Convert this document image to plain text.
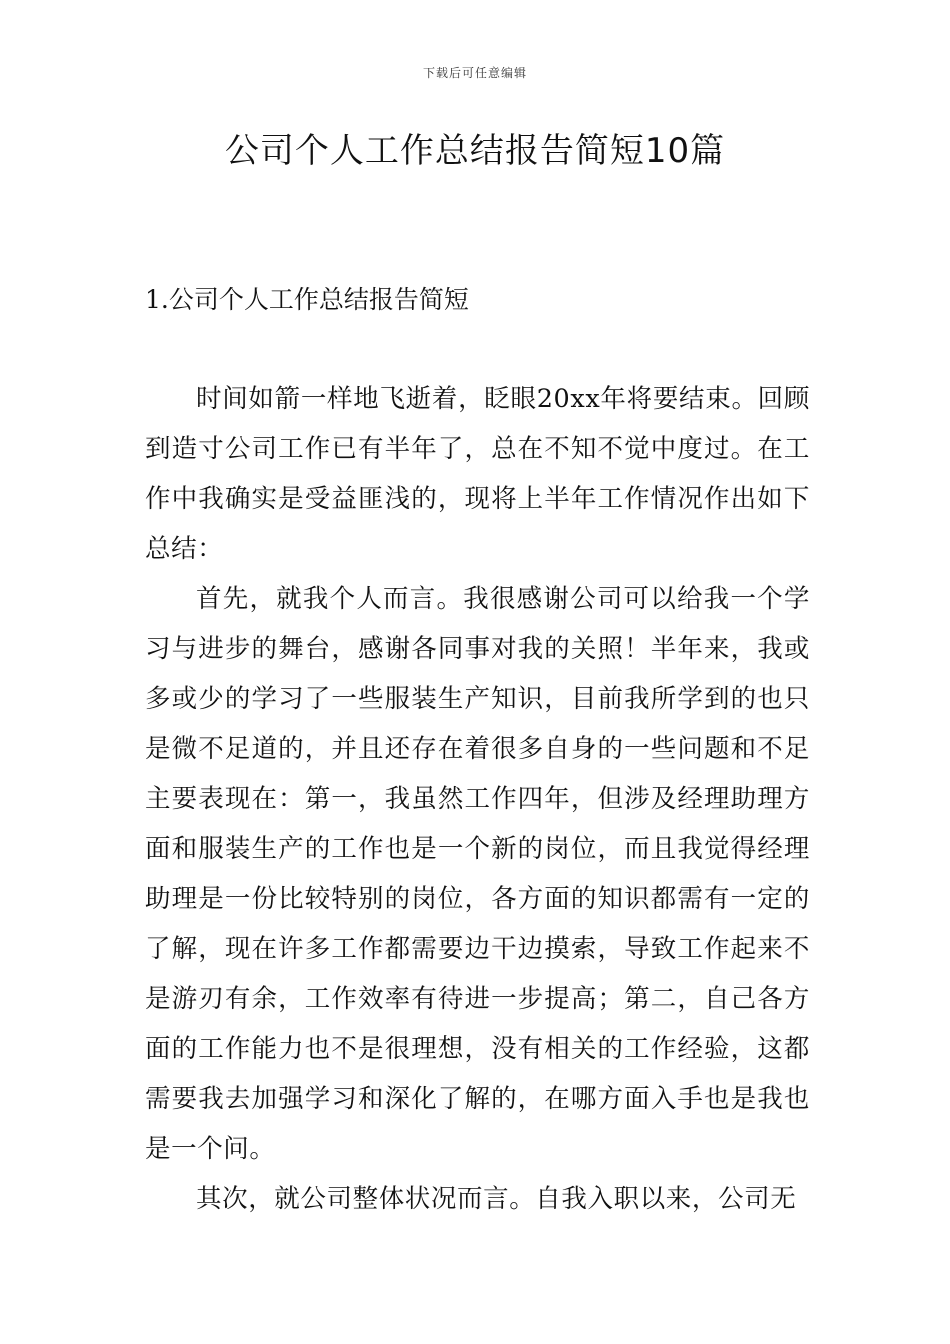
下载后可任意编辑
公司个人工作总结报告简短10篇
1.公司个人工作总结报告简短

时间如箭一样地飞逝着，眨眼20xx年将要结束。回顾到造寸公司工作已有半年了，总在不知不觉中度过。在工作中我确实是受益匪浅的，现将上半年工作情况作出如下总结：

首先，就我个人而言。我很感谢公司可以给我一个学习与进步的舞台，感谢各同事对我的关照！半年来，我或多或少的学习了一些服装生产知识，目前我所学到的也只是微不足道的，并且还存在着很多自身的一些问题和不足主要表现在：第一，我虽然工作四年，但涉及经理助理方面和服装生产的工作也是一个新的岗位，而且我觉得经理助理是一份比较特别的岗位，各方面的知识都需有一定的了解，现在许多工作都需要边干边摸索，导致工作起来不是游刃有余，工作效率有待进一步提高；第二，自己各方面的工作能力也不是很理想，没有相关的工作经验，这都需要我去加强学习和深化了解的，在哪方面入手也是我也是一个问。

其次，就公司整体状况而言。自我入职以来，公司无
